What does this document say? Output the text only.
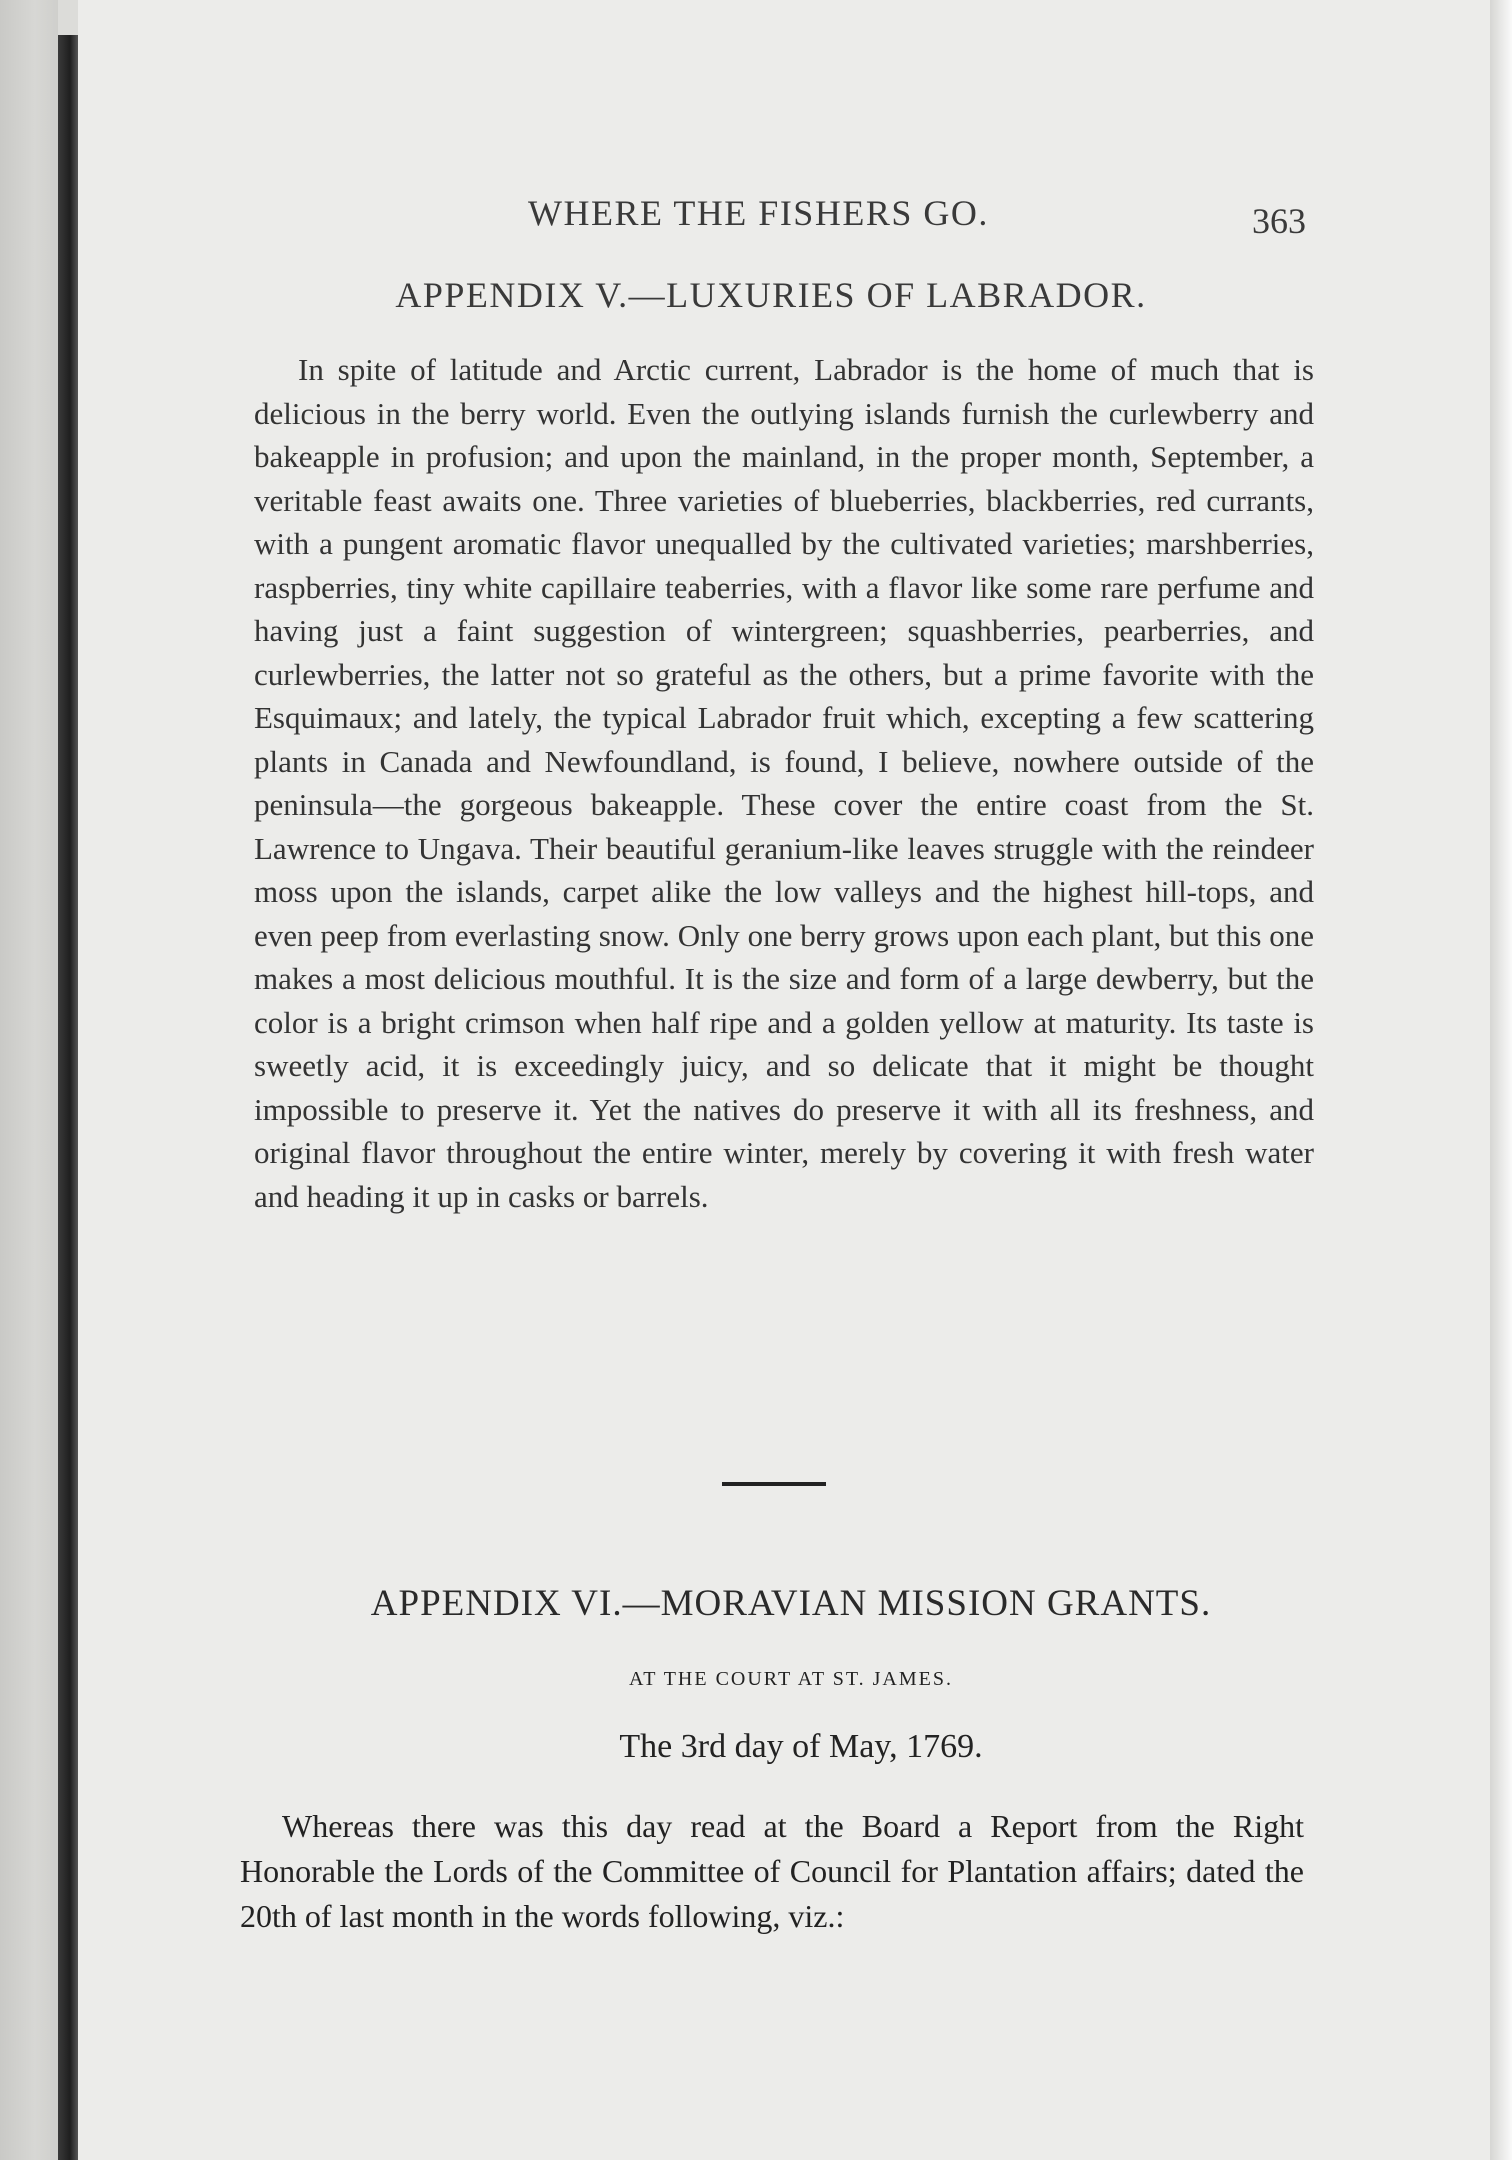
WHERE THE FISHERS GO.	363
APPENDIX V.—LUXURIES OF LABRADOR.

In spite of latitude and Arctic current, Labrador is the home of much that is delicious in the berry world. Even the outlying islands furnish the curlewberry and bakeapple in profusion; and upon the mainland, in the proper month, September, a veritable feast awaits one. Three varieties of blueberries, blackberries, red currants, with a pungent aromatic flavor unequalled by the cultivated varieties; marshberries, raspberries, tiny white capillaire teaberries, with a flavor like some rare perfume and having just a faint suggestion of wintergreen; squashberries, pearberries, and curlewberries, the latter not so grateful as the others, but a prime favorite with the Esquimaux; and lately, the typical Labrador fruit which, excepting a few scattering plants in Canada and Newfoundland, is found, I believe, nowhere outside of the peninsula—the gorgeous bakeapple. These cover the entire coast from the St. Lawrence to Ungava. Their beautiful geranium-like leaves struggle with the reindeer moss upon the islands, carpet alike the low valleys and the highest hill-tops, and even peep from everlasting snow. Only one berry grows upon each plant, but this one makes a most delicious mouthful. It is the size and form of a large dewberry, but the color is a bright crimson when half ripe and a golden yellow at maturity. Its taste is sweetly acid, it is exceedingly juicy, and so delicate that it might be thought impossible to preserve it. Yet the natives do preserve it with all its freshness, and original flavor throughout the entire winter, merely by covering it with fresh water and heading it up in casks or barrels.

APPENDIX VI.—MORAVIAN MISSION GRANTS.
AT THE COURT AT ST. JAMES.
The 3rd day of May, 1769.

Whereas there was this day read at the Board a Report from the Right Honorable the Lords of the Committee of Council for Plantation affairs; dated the 20th of last month in the words following, viz.:
